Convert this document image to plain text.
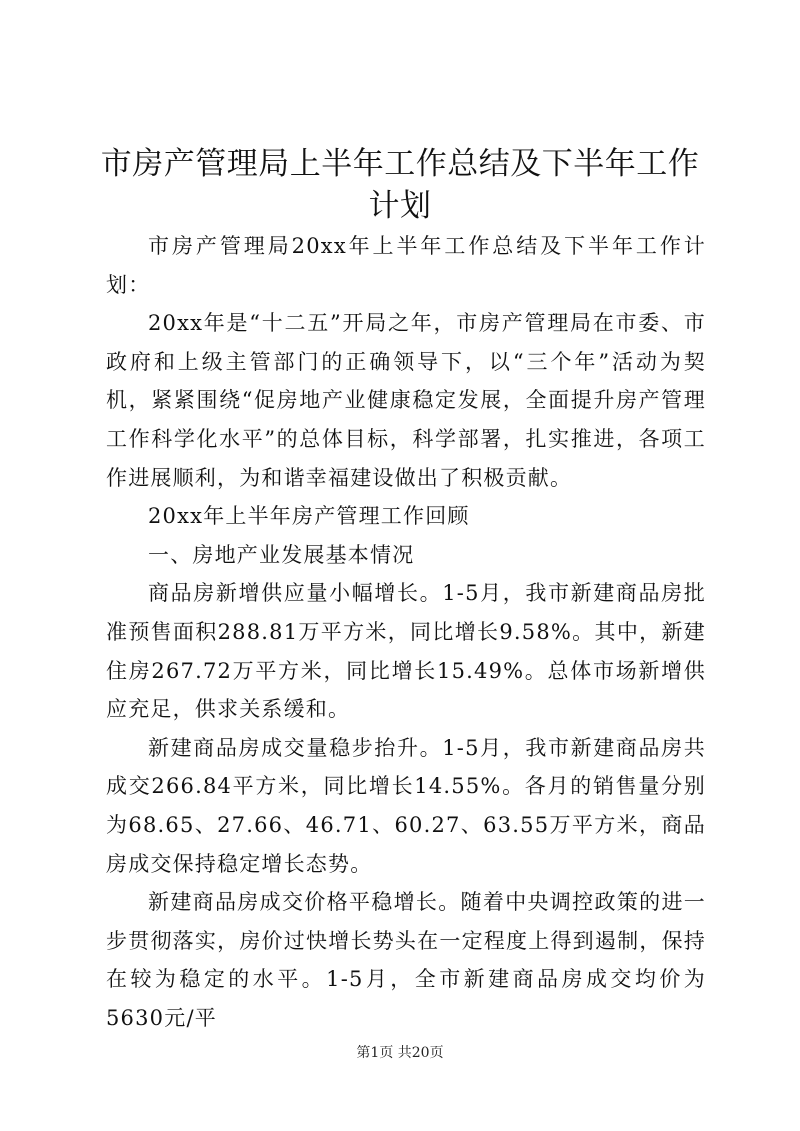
市房产管理局上半年工作总结及下半年工作计划

市房产管理局20xx年上半年工作总结及下半年工作计划：

20xx年是“十二五”开局之年，市房产管理局在市委、市政府和上级主管部门的正确领导下，以“三个年”活动为契机，紧紧围绕“促房地产业健康稳定发展，全面提升房产管理工作科学化水平”的总体目标，科学部署，扎实推进，各项工作进展顺利，为和谐幸福建设做出了积极贡献。

20xx年上半年房产管理工作回顾

一、房地产业发展基本情况

商品房新增供应量小幅增长。1-5月，我市新建商品房批准预售面积288.81万平方米，同比增长9.58%。其中，新建住房267.72万平方米，同比增长15.49%。总体市场新增供应充足，供求关系缓和。

新建商品房成交量稳步抬升。1-5月，我市新建商品房共成交266.84平方米，同比增长14.55%。各月的销售量分别为68.65、27.66、46.71、60.27、63.55万平方米，商品房成交保持稳定增长态势。

新建商品房成交价格平稳增长。随着中央调控政策的进一步贯彻落实，房价过快增长势头在一定程度上得到遏制，保持在较为稳定的水平。1-5月，全市新建商品房成交均价为5630元/平

第1页 共20页
